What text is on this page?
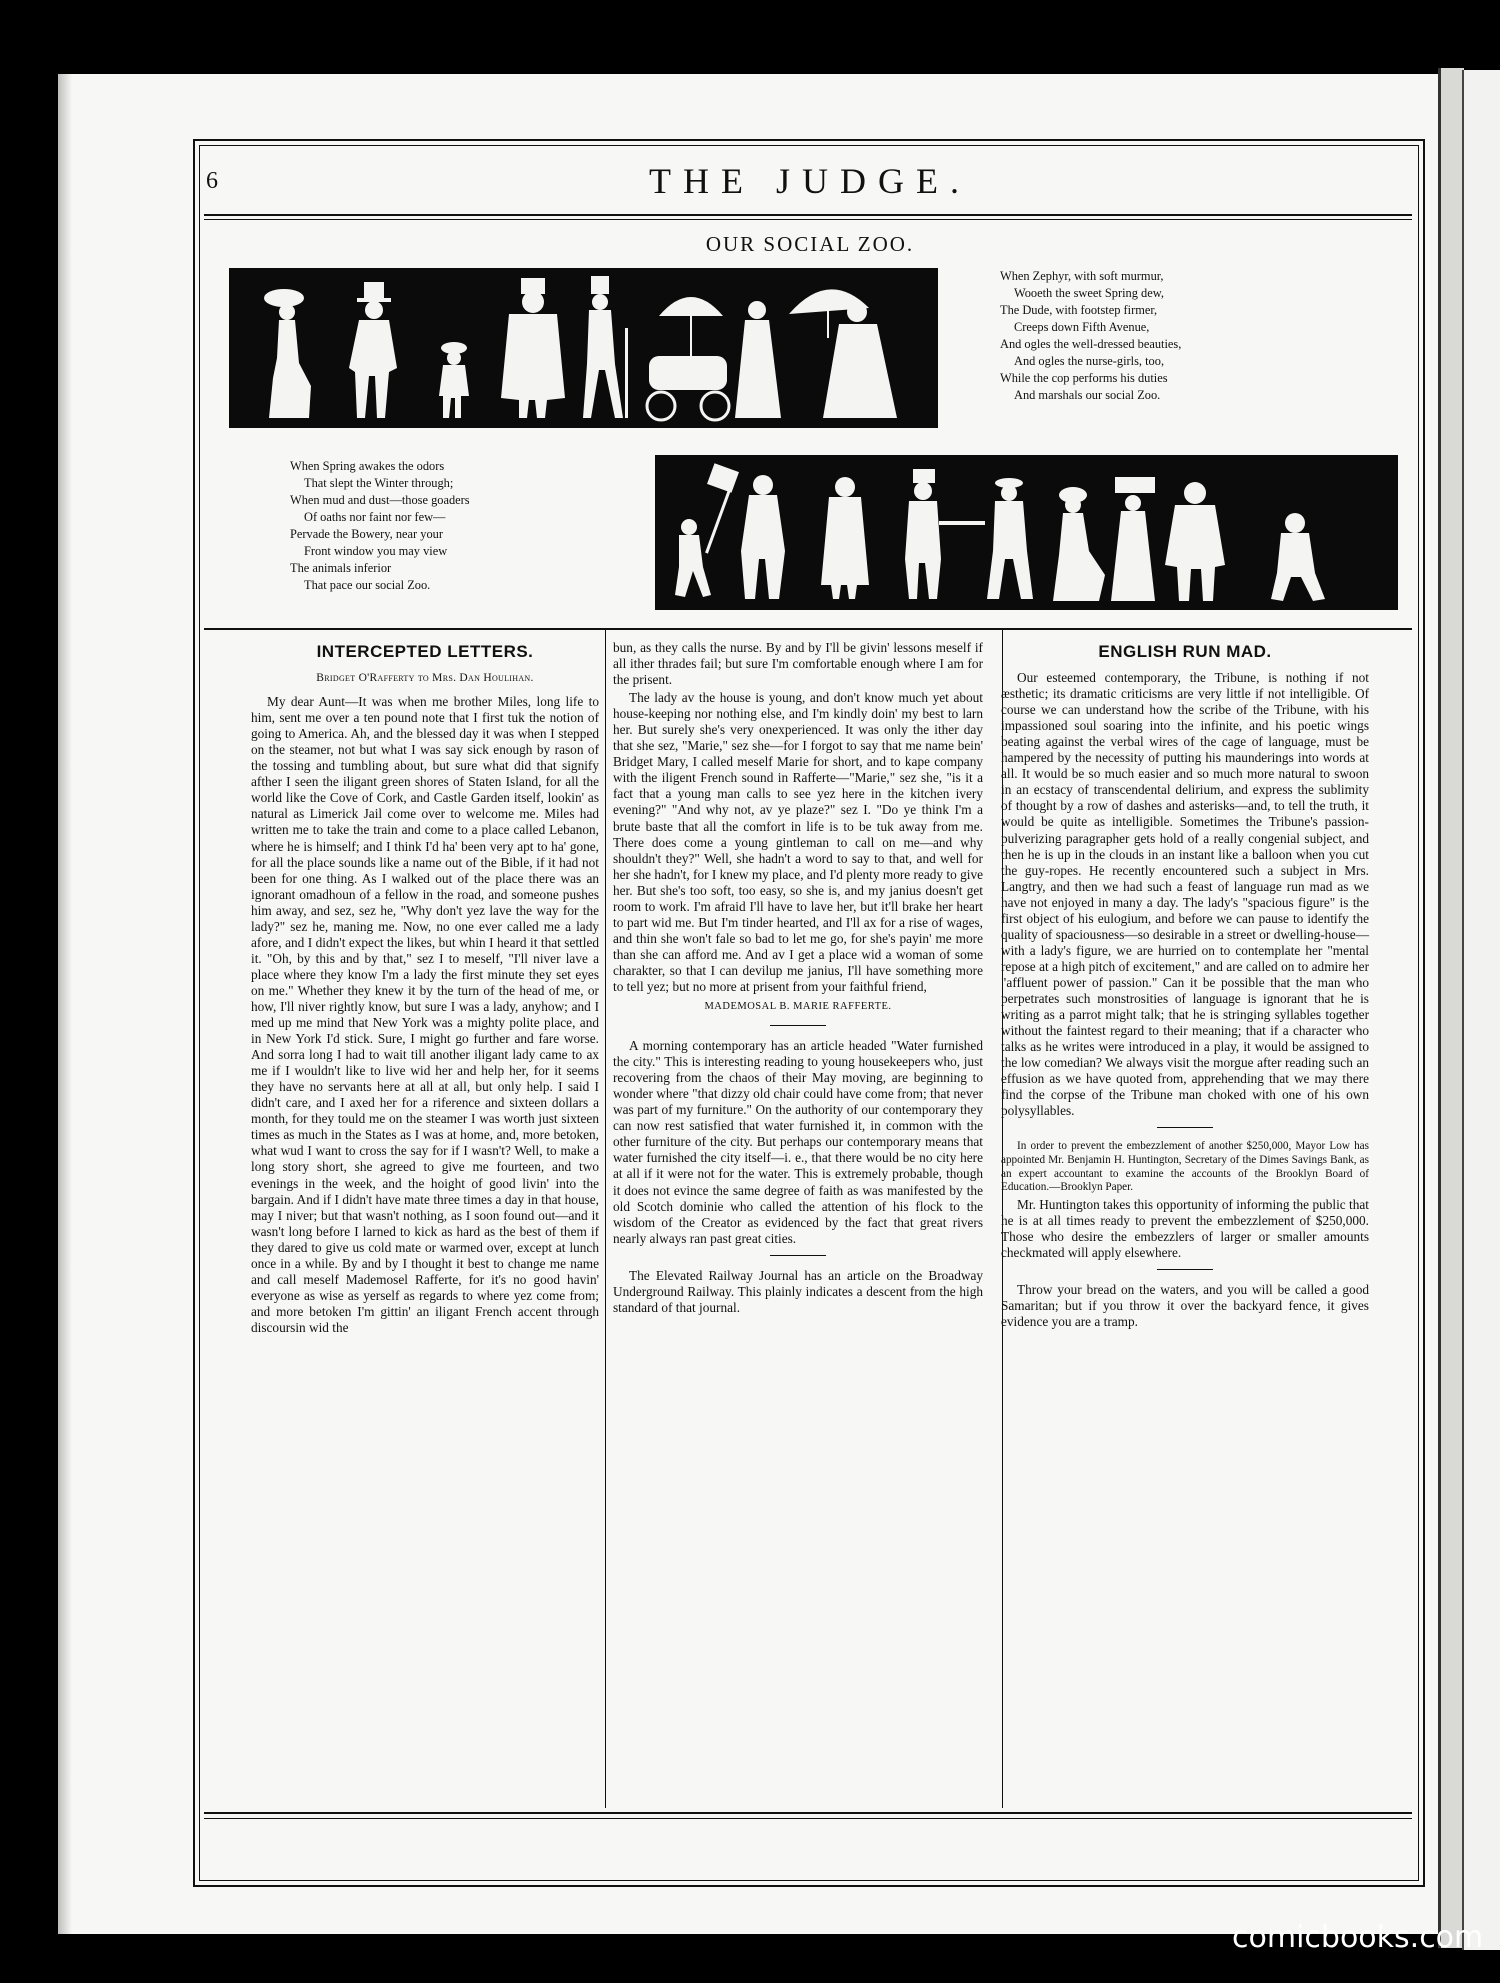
6	THE JUDGE.
OUR SOCIAL ZOO.
When Zephyr, with soft murmur,
Wooeth the sweet Spring dew,
The Dude, with footstep firmer,
Creeps down Fifth Avenue,
And ogles the well-dressed beauties,
And ogles the nurse-girls, too,
While the cop performs his duties
And marshals our social Zoo.
When Spring awakes the odors
That slept the Winter through;
When mud and dust—those goaders
Of oaths nor faint nor few—
Pervade the Bowery, near your
Front window you may view
The animals inferior
That pace our social Zoo.
INTERCEPTED LETTERS.
Bridget O'Rafferty to Mrs. Dan Houlihan.
My dear Aunt—It was when me brother Miles, long life to him, sent me over a ten pound note that I first tuk the notion of going to America. Ah, and the blessed day it was when I stepped on the steamer, not but what I was say sick enough by rason of the tossing and tumbling about, but sure what did that signify afther I seen the iligant green shores of Staten Island, for all the world like the Cove of Cork, and Castle Garden itself, lookin' as natural as Limerick Jail come over to welcome me. Miles had written me to take the train and come to a place called Lebanon, where he is himself; and I think I'd ha' been very apt to ha' gone, for all the place sounds like a name out of the Bible, if it had not been for one thing. As I walked out of the place there was an ignorant omadhoun of a fellow in the road, and someone pushes him away, and sez, sez he, "Why don't yez lave the way for the lady?" sez he, maning me. Now, no one ever called me a lady afore, and I didn't expect the likes, but whin I heard it that settled it. "Oh, by this and by that," sez I to meself, "I'll niver lave a place where they know I'm a lady the first minute they set eyes on me." Whether they knew it by the turn of the head of me, or how, I'll niver rightly know, but sure I was a lady, anyhow; and I med up me mind that New York was a mighty polite place, and in New York I'd stick. Sure, I might go further and fare worse. And sorra long I had to wait till another iligant lady came to ax me if I wouldn't like to live wid her and help her, for it seems they have no servants here at all at all, but only help. I said I didn't care, and I axed her for a riference and sixteen dollars a month, for they tould me on the steamer I was worth just sixteen times as much in the States as I was at home, and, more betoken, what wud I want to cross the say for if I wasn't? Well, to make a long story short, she agreed to give me fourteen, and two evenings in the week, and the hoight of good livin' into the bargain. And if I didn't have mate three times a day in that house, may I niver; but that wasn't nothing, as I soon found out—and it wasn't long before I larned to kick as hard as the best of them if they dared to give us cold mate or warmed over, except at lunch once in a while. By and by I thought it best to change me name and call meself Mademosel Rafferte, for it's no good havin' everyone as wise as yerself as regards to where yez come from; and more betoken I'm gittin' an iligant French accent through discoursin wid the
bun, as they calls the nurse. By and by I'll be givin' lessons meself if all ither thrades fail; but sure I'm comfortable enough where I am for the prisent.
The lady av the house is young, and don't know much yet about house-keeping nor nothing else, and I'm kindly doin' my best to larn her. But surely she's very onexperienced. It was only the ither day that she sez, "Marie," sez she—for I forgot to say that me name bein' Bridget Mary, I called meself Marie for short, and to kape company with the iligent French sound in Rafferte—"Marie," sez she, "is it a fact that a young man calls to see yez here in the kitchen ivery evening?" "And why not, av ye plaze?" sez I. "Do ye think I'm a brute baste that all the comfort in life is to be tuk away from me. There does come a young gintleman to call on me—and why shouldn't they?" Well, she hadn't a word to say to that, and well for her she hadn't, for I knew my place, and I'd plenty more ready to give her. But she's too soft, too easy, so she is, and my janius doesn't get room to work. I'm afraid I'll have to lave her, but it'll brake her heart to part wid me. But I'm tinder hearted, and I'll ax for a rise of wages, and thin she won't fale so bad to let me go, for she's payin' me more than she can afford me. And av I get a place wid a woman of some charakter, so that I can devilup me janius, I'll have something more to tell yez; but no more at prisent from your faithful friend,
MADEMOSAL B. MARIE RAFFERTE.
A morning contemporary has an article headed "Water furnished the city." This is interesting reading to young housekeepers who, just recovering from the chaos of their May moving, are beginning to wonder where "that dizzy old chair could have come from; that never was part of my furniture." On the authority of our contemporary they can now rest satisfied that water furnished it, in common with the other furniture of the city. But perhaps our contemporary means that water furnished the city itself—i. e., that there would be no city here at all if it were not for the water. This is extremely probable, though it does not evince the same degree of faith as was manifested by the old Scotch dominie who called the attention of his flock to the wisdom of the Creator as evidenced by the fact that great rivers nearly always ran past great cities.
The Elevated Railway Journal has an article on the Broadway Underground Railway. This plainly indicates a descent from the high standard of that journal.
ENGLISH RUN MAD.
Our esteemed contemporary, the Tribune, is nothing if not æsthetic; its dramatic criticisms are very little if not intelligible. Of course we can understand how the scribe of the Tribune, with his impassioned soul soaring into the infinite, and his poetic wings beating against the verbal wires of the cage of language, must be hampered by the necessity of putting his maunderings into words at all. It would be so much easier and so much more natural to swoon in an ecstacy of transcendental delirium, and express the sublimity of thought by a row of dashes and asterisks—and, to tell the truth, it would be quite as intelligible. Sometimes the Tribune's passion-pulverizing paragrapher gets hold of a really congenial subject, and then he is up in the clouds in an instant like a balloon when you cut the guy-ropes. He recently encountered such a subject in Mrs. Langtry, and then we had such a feast of language run mad as we have not enjoyed in many a day. The lady's "spacious figure" is the first object of his eulogium, and before we can pause to identify the quality of spaciousness—so desirable in a street or dwelling-house—with a lady's figure, we are hurried on to contemplate her "mental repose at a high pitch of excitement," and are called on to admire her "affluent power of passion." Can it be possible that the man who perpetrates such monstrosities of language is ignorant that he is writing as a parrot might talk; that he is stringing syllables together without the faintest regard to their meaning; that if a character who talks as he writes were introduced in a play, it would be assigned to the low comedian? We always visit the morgue after reading such an effusion as we have quoted from, apprehending that we may there find the corpse of the Tribune man choked with one of his own polysyllables.
In order to prevent the embezzlement of another $250,000, Mayor Low has appointed Mr. Benjamin H. Huntington, Secretary of the Dimes Savings Bank, as an expert accountant to examine the accounts of the Brooklyn Board of Education.—Brooklyn Paper.
Mr. Huntington takes this opportunity of informing the public that he is at all times ready to prevent the embezzlement of $250,000. Those who desire the embezzlers of larger or smaller amounts checkmated will apply elsewhere.
Throw your bread on the waters, and you will be called a good Samaritan; but if you throw it over the backyard fence, it gives evidence you are a tramp.
comicbooks.com
